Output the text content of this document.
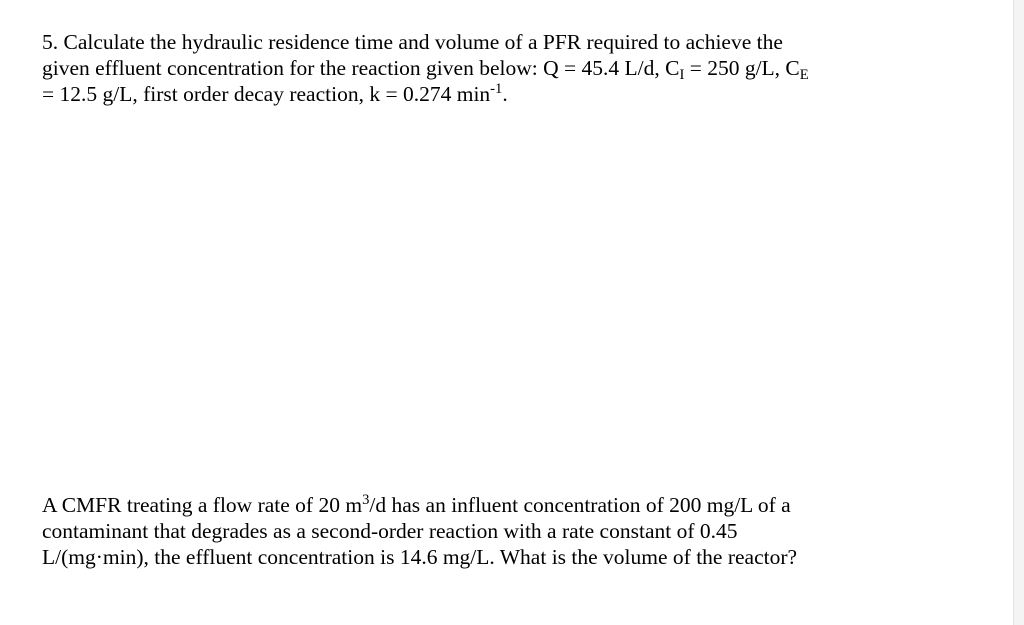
5. Calculate the hydraulic residence time and volume of a PFR required to achieve the
given effluent concentration for the reaction given below: Q = 45.4 L/d, $C_I = 250$ g/L, $C_E$
= 12.5 g/L, first order decay reaction, k = 0.274 $\min^{-1}$.
A CMFR treating a flow rate of 20 $m^3/d$ has an influent concentration of 200 mg/L of a
contaminant that degrades as a second-order reaction with a rate constant of 0.45
L/(mg·min), the effluent concentration is 14.6 mg/L. What is the volume of the reactor?
